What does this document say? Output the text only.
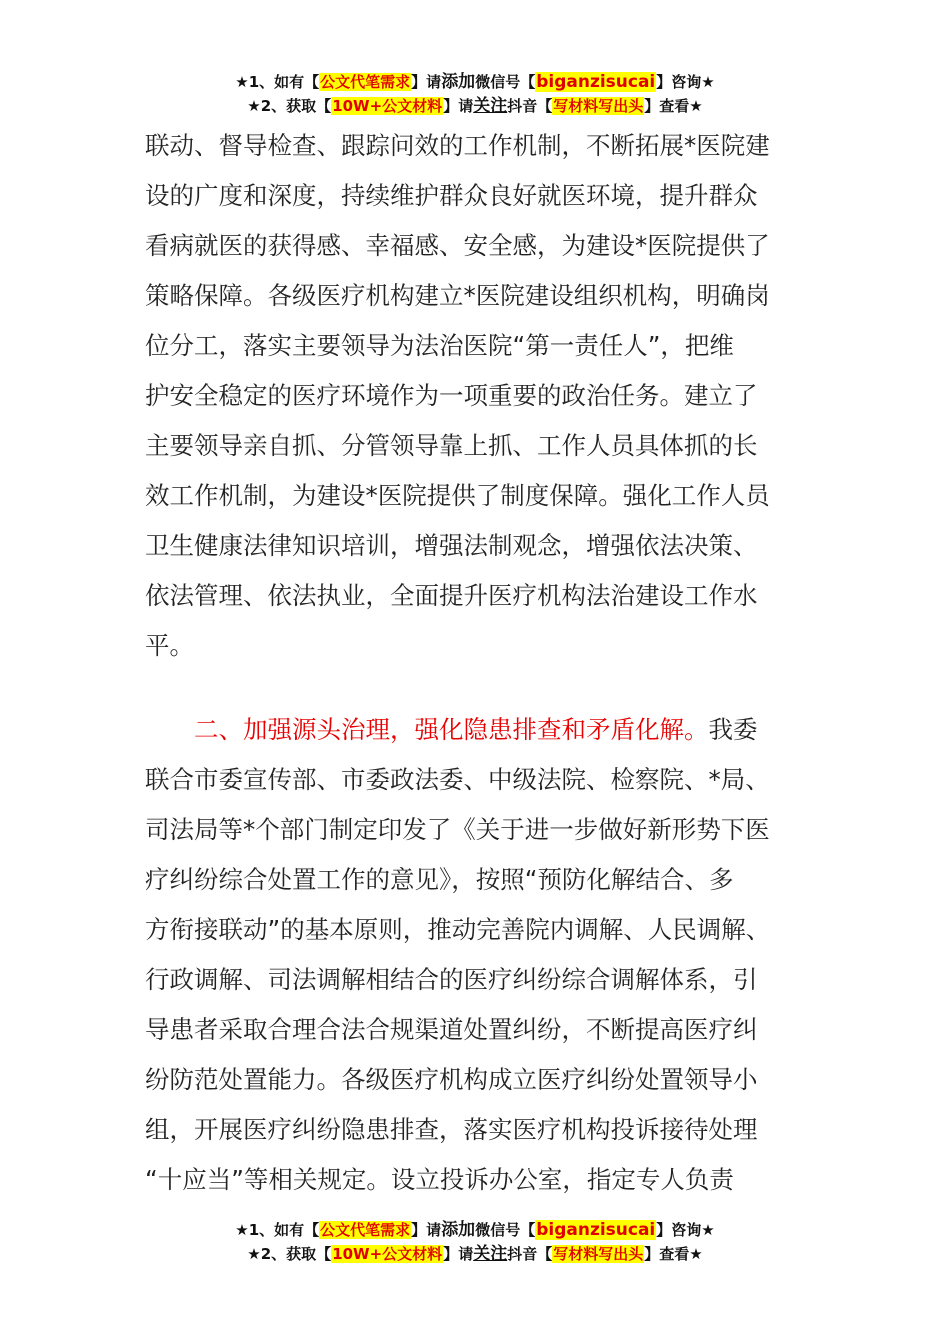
★1、如有【公文代笔需求】请添加微信号【biganzisucai】咨询★
★2、获取【10W+公文材料】请关注抖音【写材料写出头】查看★
联动、督导检查、跟踪问效的工作机制，不断拓展*医院建
设的广度和深度，持续维护群众良好就医环境，提升群众
看病就医的获得感、幸福感、安全感，为建设*医院提供了
策略保障。各级医疗机构建立*医院建设组织机构，明确岗
位分工，落实主要领导为法治医院“第一责任人”，把维
护安全稳定的医疗环境作为一项重要的政治任务。建立了
主要领导亲自抓、分管领导靠上抓、工作人员具体抓的长
效工作机制，为建设*医院提供了制度保障。强化工作人员
卫生健康法律知识培训，增强法制观念，增强依法决策、
依法管理、依法执业，全面提升医疗机构法治建设工作水
平。
二、加强源头治理，强化隐患排查和矛盾化解。我委
联合市委宣传部、市委政法委、中级法院、检察院、*局、
司法局等*个部门制定印发了《关于进一步做好新形势下医
疗纠纷综合处置工作的意见》，按照“预防化解结合、多
方衔接联动”的基本原则，推动完善院内调解、人民调解、
行政调解、司法调解相结合的医疗纠纷综合调解体系，引
导患者采取合理合法合规渠道处置纠纷，不断提高医疗纠
纷防范处置能力。各级医疗机构成立医疗纠纷处置领导小
组，开展医疗纠纷隐患排查，落实医疗机构投诉接待处理
“十应当”等相关规定。设立投诉办公室，指定专人负责
★1、如有【公文代笔需求】请添加微信号【biganzisucai】咨询★
★2、获取【10W+公文材料】请关注抖音【写材料写出头】查看★
